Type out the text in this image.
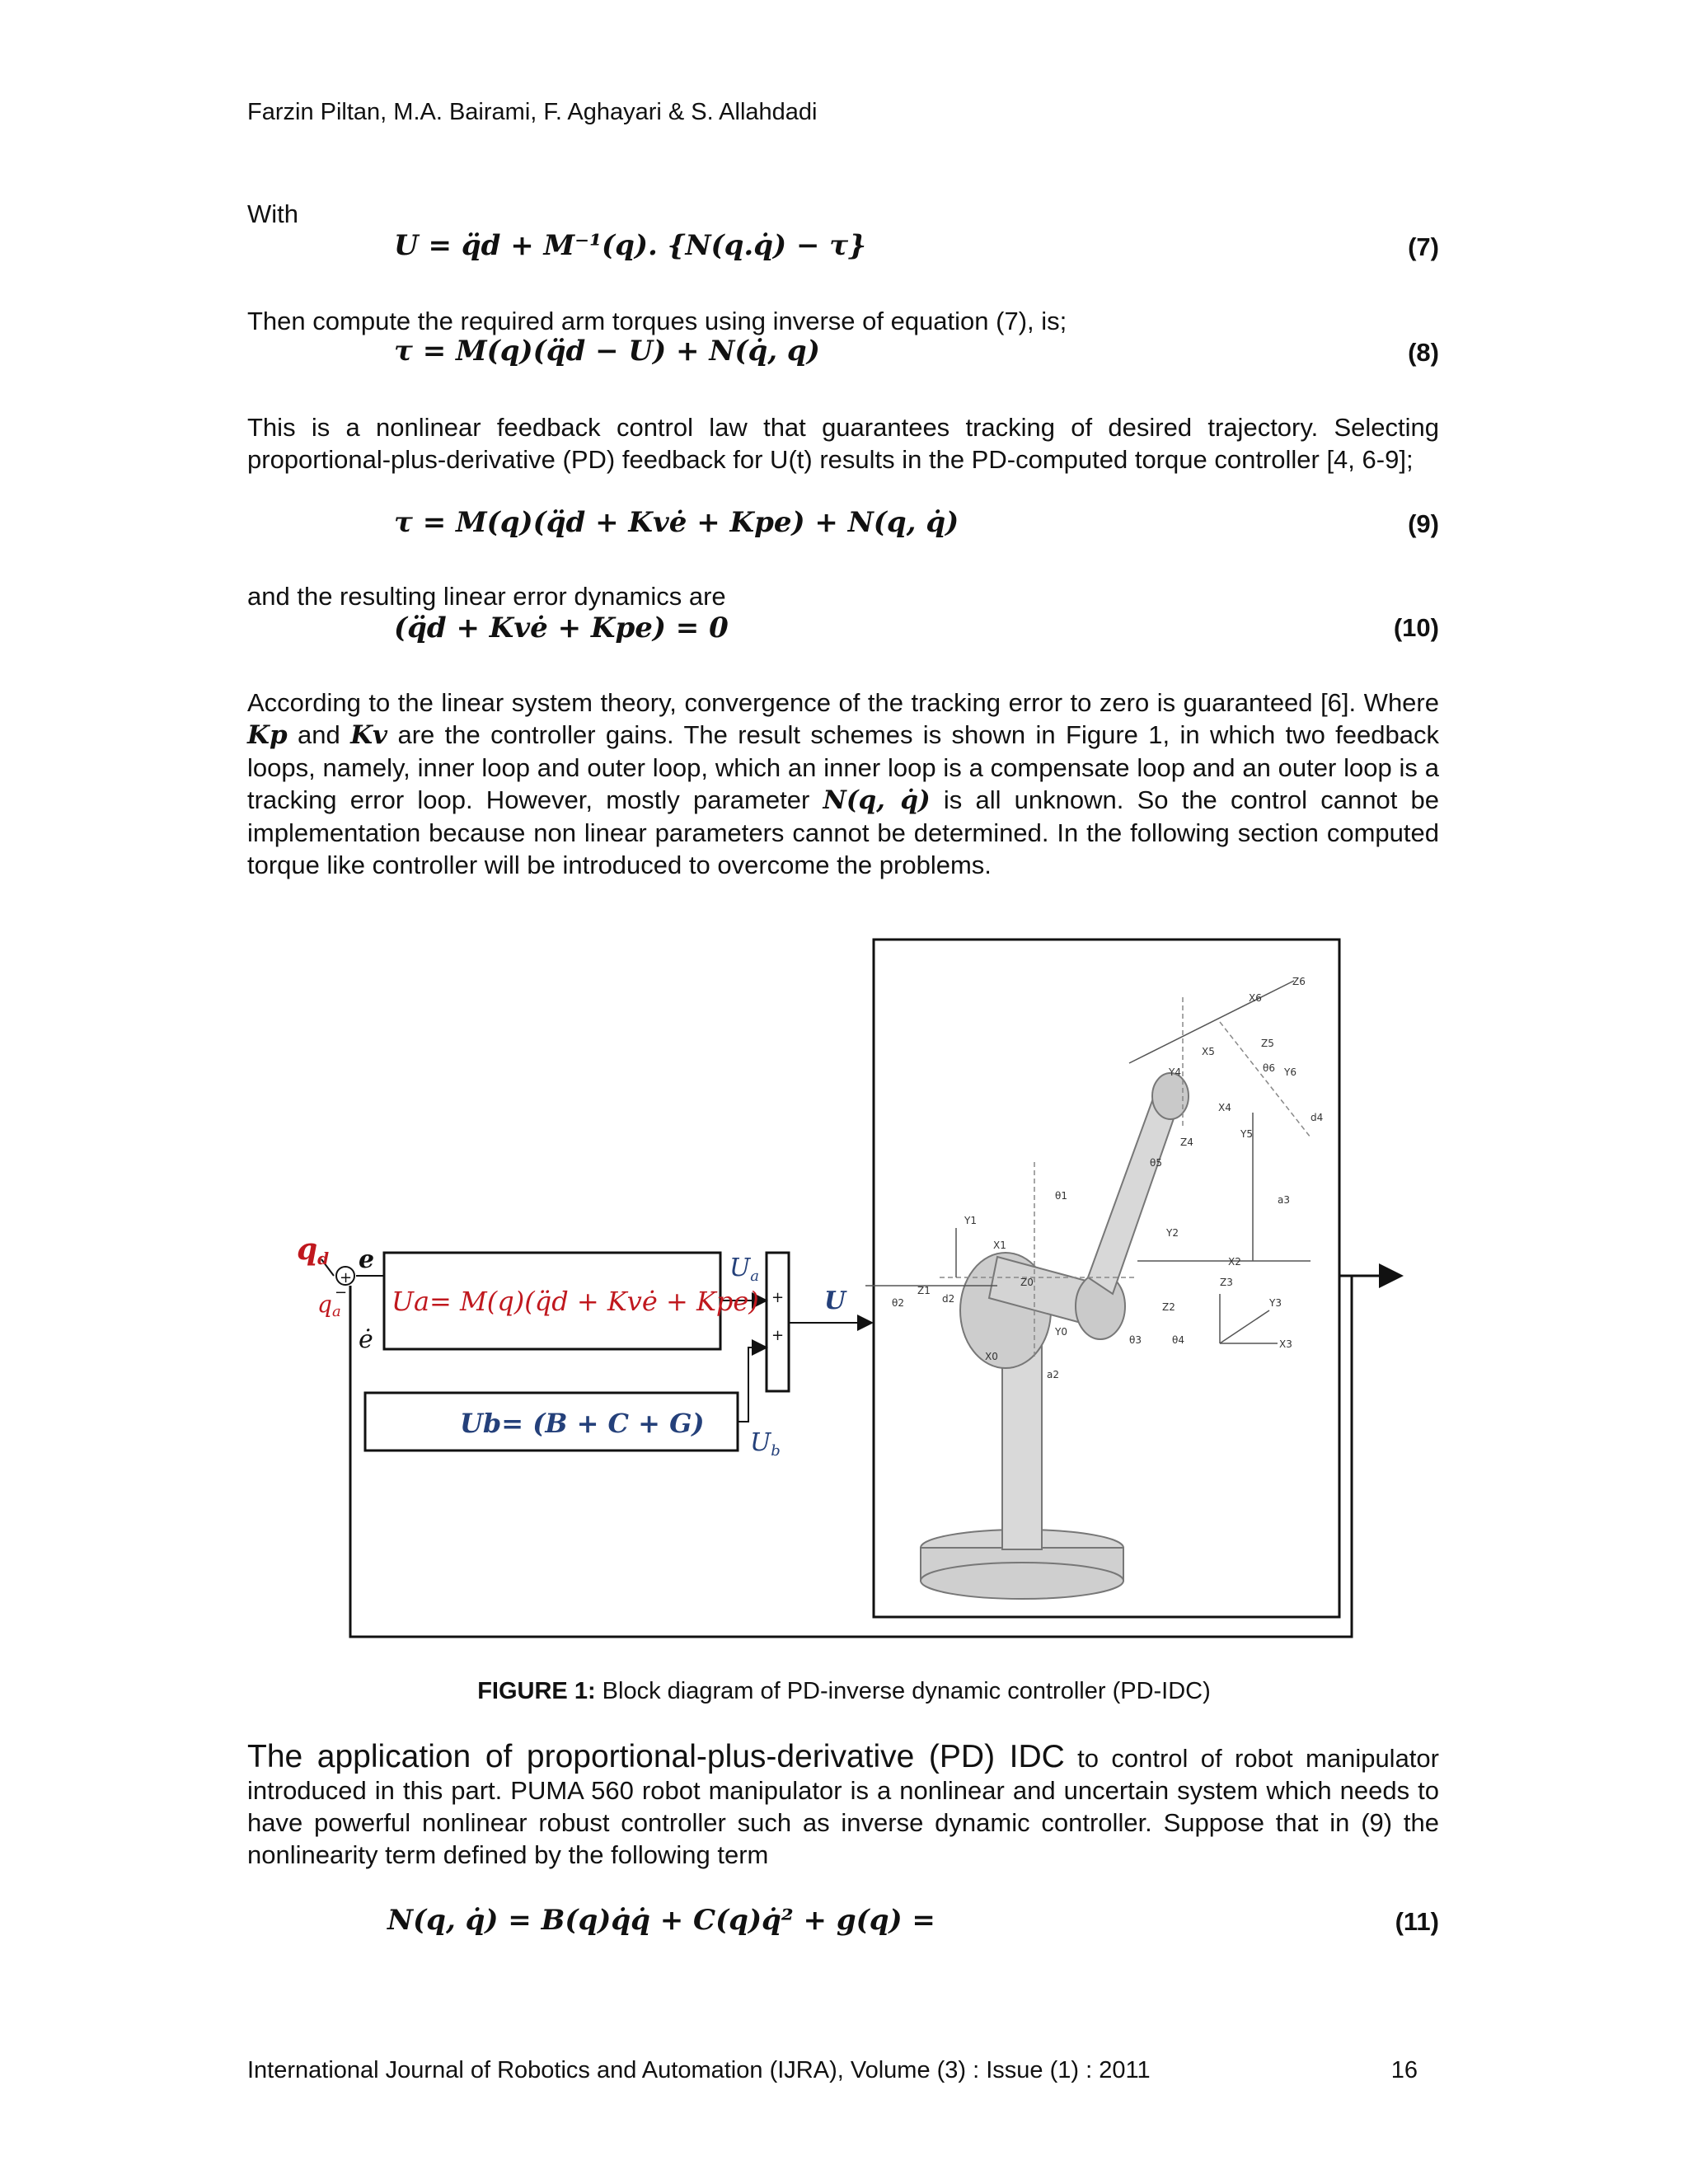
Farzin Piltan, M.A. Bairami, F. Aghayari & S. Allahdadi
With
U = q̈d + M⁻¹(q). {N(q.q̇) − τ}	(7)
Then compute the required arm torques using inverse of equation (7), is;
τ = M(q)(q̈d − U) + N(q̇, q)	(8)
This is a nonlinear feedback control law that guarantees tracking of desired trajectory. Selecting proportional-plus-derivative (PD) feedback for U(t) results in the PD-computed torque controller [4, 6-9];
τ = M(q)(q̈d + Kvė + Kpe) + N(q, q̇)	(9)
and the resulting linear error dynamics are
(q̈d + Kvė + Kpe) = 0	(10)
According to the linear system theory, convergence of the tracking error to zero is guaranteed [6]. Where Kp and Kv are the controller gains. The result schemes is shown in Figure 1, in which two feedback loops, namely, inner loop and outer loop, which an inner loop is a compensate loop and an outer loop is a tracking error loop. However, mostly parameter N(q, q̇) is all unknown. So the control cannot be implementation because non linear parameters cannot be determined. In the following section computed torque like controller will be introduced to overcome the problems.
qd e
qa
ė
+
− Ua= M(q)(q̈d + Kvė + Kpe)
Ub= (B + C + G)
$U_a$
$U_b$
U
+
+
X6
Z6
X5
Z5
Y4	Y6
θ6
X4
Y5
Z4
θ5
d4
θ1
Y1
Y2
X1
X2
Z1
d2
Z0
Z2
Z3
Y3
θ2
Y0
X0
θ3	θ4
a2
X3
a3
FIGURE 1: Block diagram of PD-inverse dynamic controller (PD-IDC)
The application of proportional-plus-derivative (PD) IDC to control of robot manipulator introduced in this part. PUMA 560 robot manipulator is a nonlinear and uncertain system which needs to have powerful nonlinear robust controller such as inverse dynamic controller. Suppose that in (9) the nonlinearity term defined by the following term
N(q, q̇) = B(q)q̇q̇ + C(q)q̇² + g(q) =	(11)
International Journal of Robotics and Automation (IJRA), Volume (3) : Issue (1) : 2011	16
